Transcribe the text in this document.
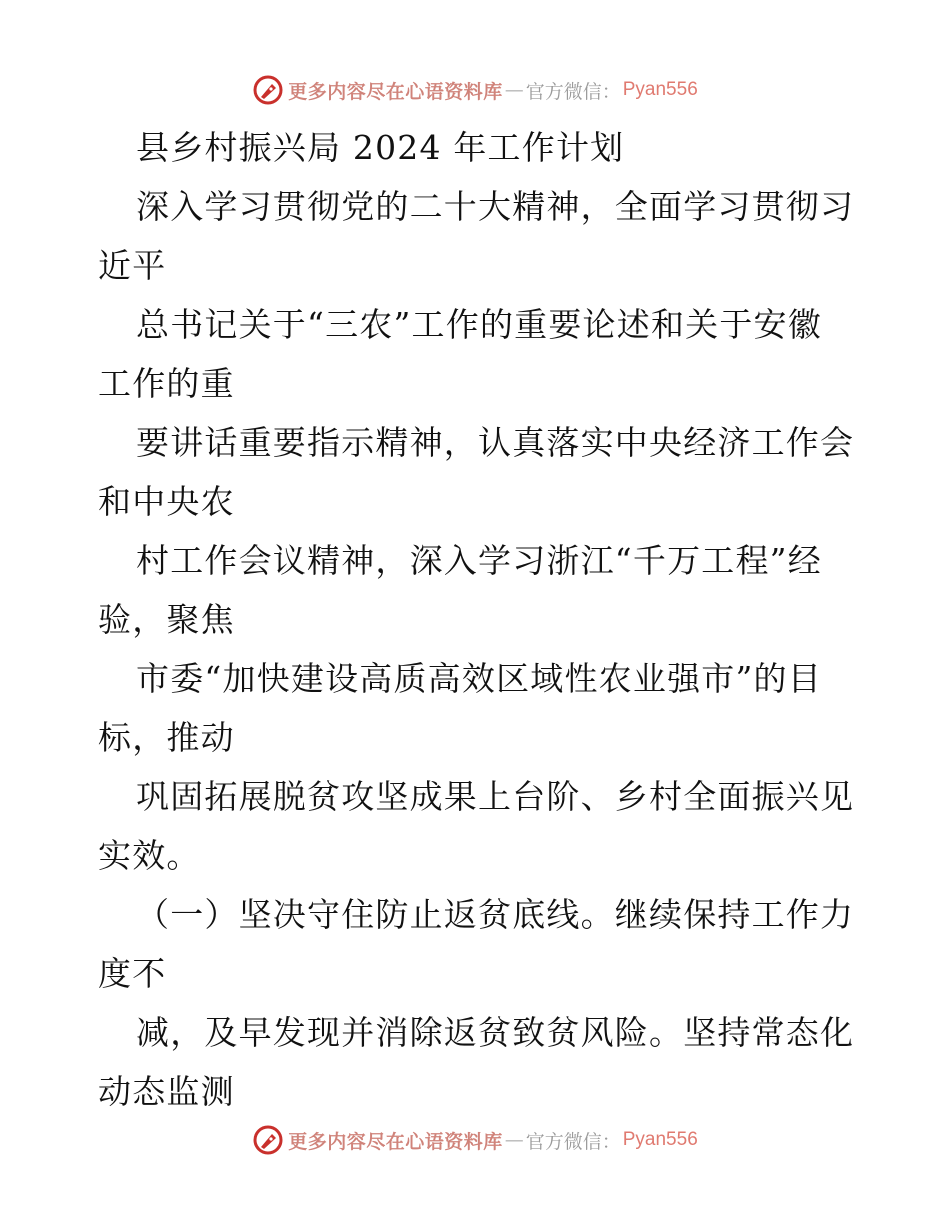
更多内容尽在心语资料库 — 官方微信： Pyan556
县乡村振兴局 2024 年工作计划
深入学习贯彻党的二十大精神，全面学习贯彻习
近平
总书记关于“三农”工作的重要论述和关于安徽
工作的重
要讲话重要指示精神，认真落实中央经济工作会
和中央农
村工作会议精神，深入学习浙江“千万工程”经
验，聚焦
市委“加快建设高质高效区域性农业强市”的目
标，推动
巩固拓展脱贫攻坚成果上台阶、乡村全面振兴见
实效。
（一）坚决守住防止返贫底线。继续保持工作力
度不
减，及早发现并消除返贫致贫风险。坚持常态化
动态监测
更多内容尽在心语资料库 — 官方微信： Pyan556
